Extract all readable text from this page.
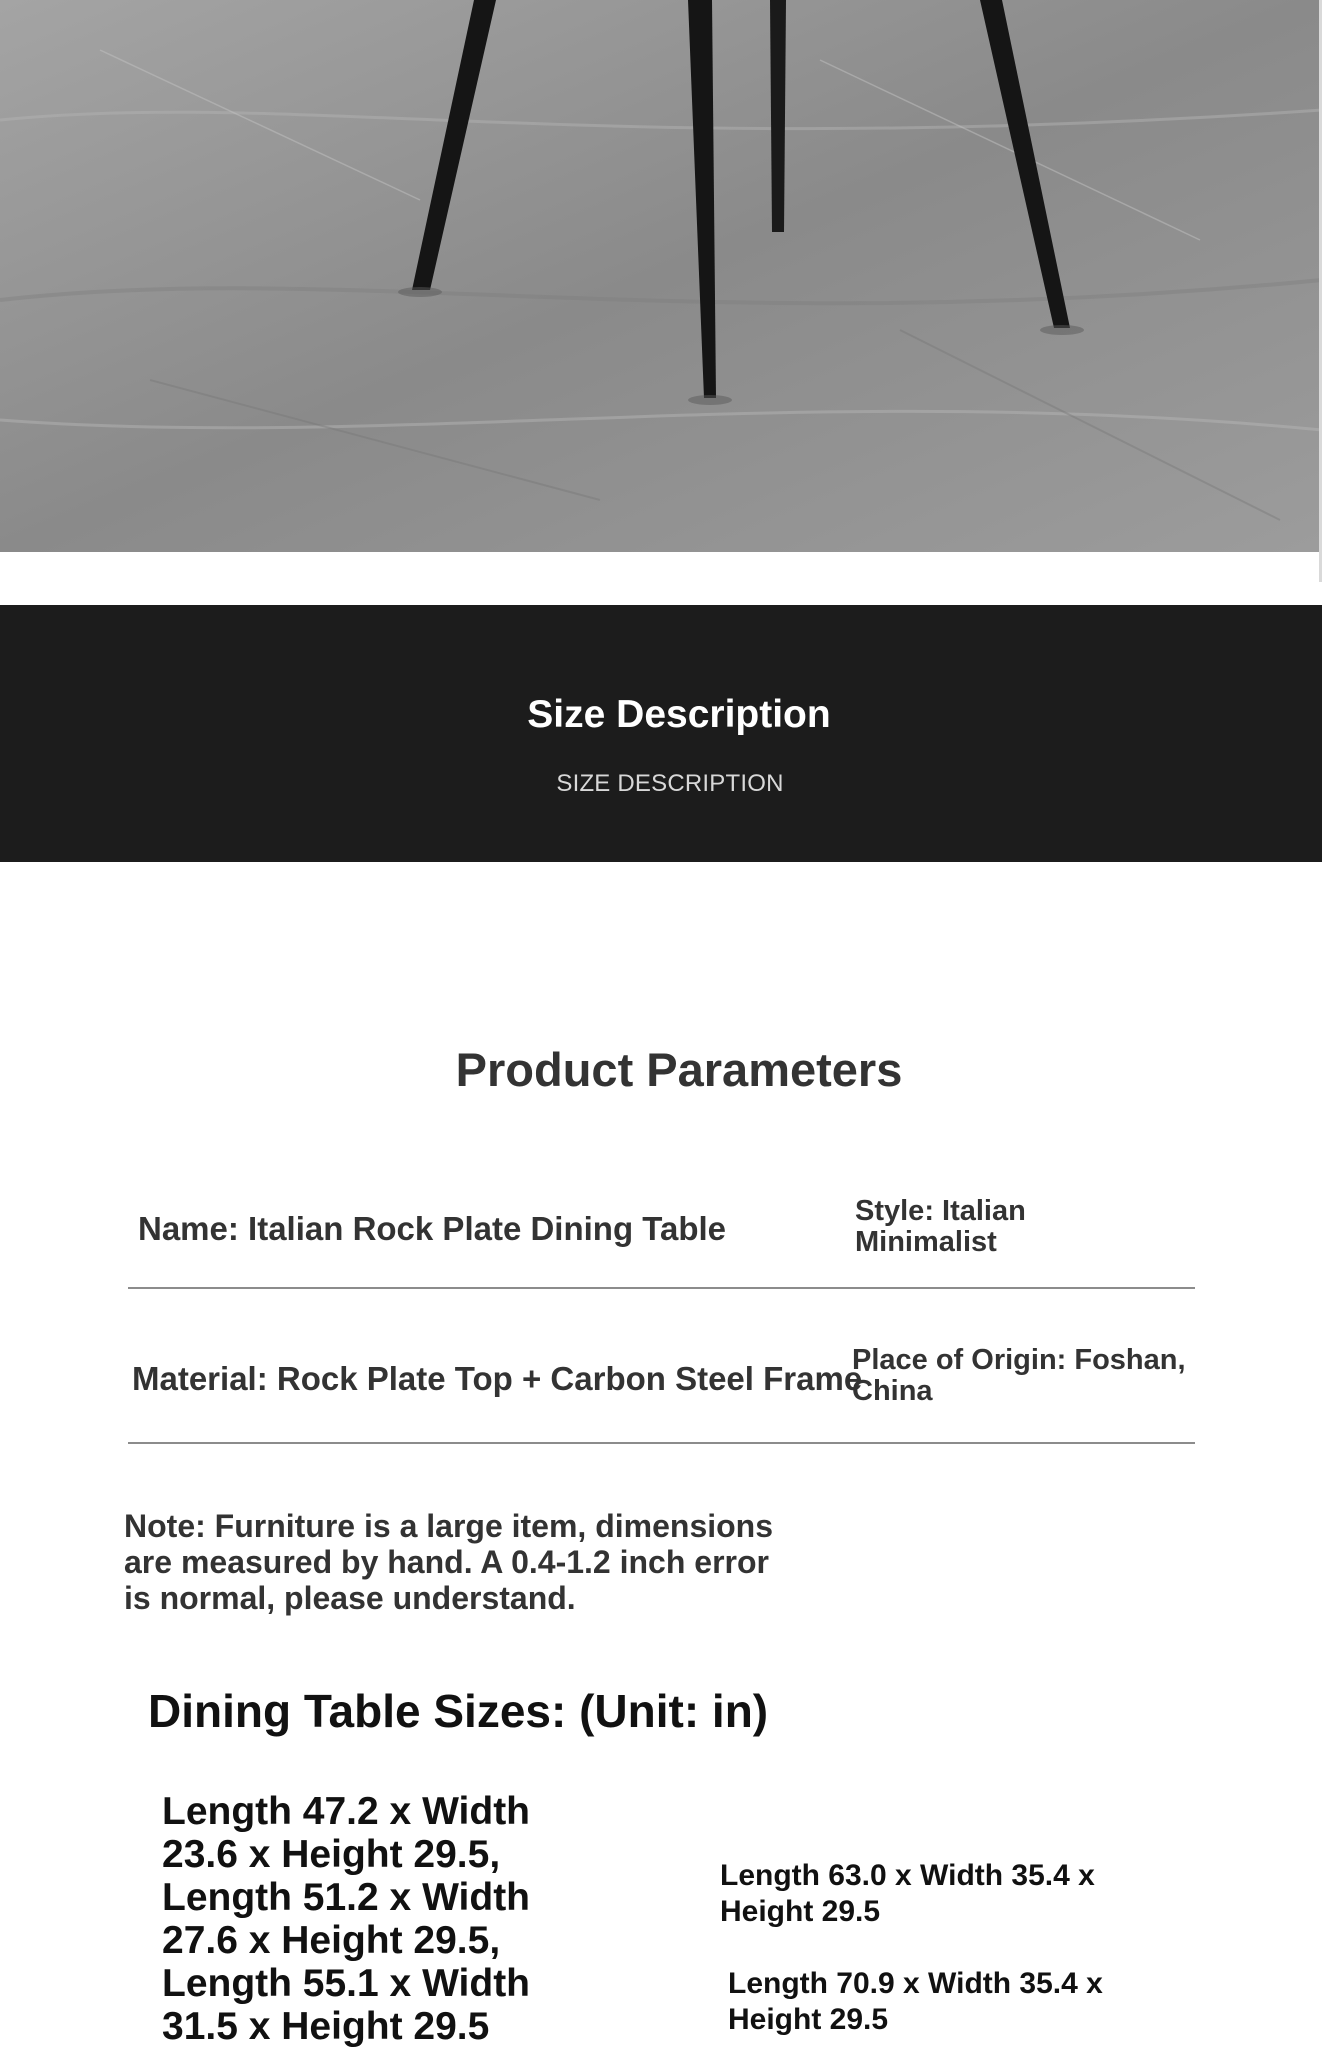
Size Description
SIZE DESCRIPTION
Product Parameters
Name: Italian Rock Plate Dining Table	Style: Italian Minimalist
Material: Rock Plate Top + Carbon Steel Frame
Place of Origin: Foshan, China
Note: Furniture is a large item, dimensions are measured by hand. A 0.4-1.2 inch error is normal, please understand.
Dining Table Sizes: (Unit: in)
Length 47.2 x Width 23.6 x Height 29.5, Length 51.2 x Width 27.6 x Height 29.5, Length 55.1 x Width 31.5 x Height 29.5
Length 63.0 x Width 35.4 x Height 29.5
Length 70.9 x Width 35.4 x Height 29.5
